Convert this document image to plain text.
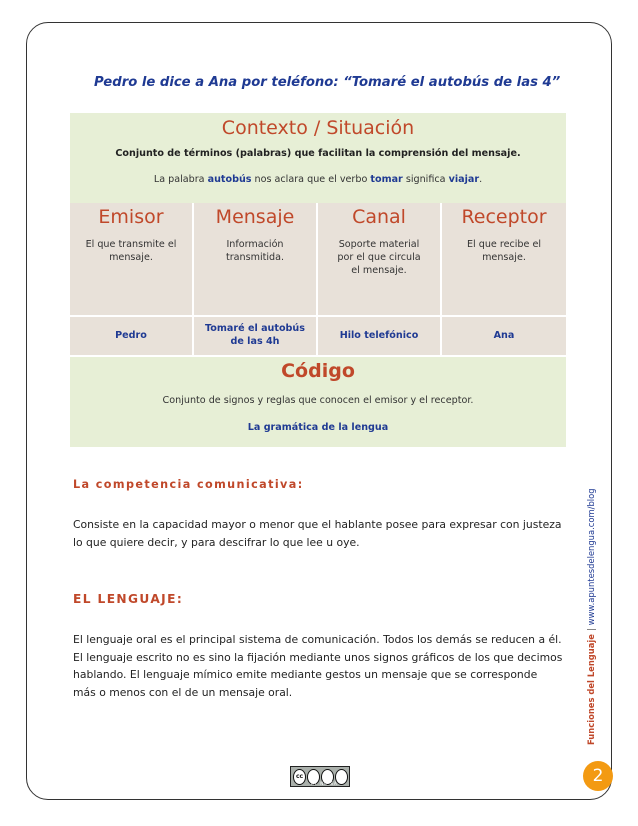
Pedro le dice a Ana por teléfono: “Tomaré el autobús de las 4”
Contexto / Situación
Conjunto de términos (palabras) que facilitan la comprensión del mensaje.
La palabra autobús nos aclara que el verbo tomar significa viajar.
Emisor
El que transmite el mensaje.
Pedro
Mensaje
Información transmitida.
Tomaré el autobús de las 4h
Canal
Soporte material por el que circula el mensaje.
Hilo telefónico
Receptor
El que recibe el mensaje.
Ana
Código
Conjunto de signos y reglas que conocen el emisor y el receptor.
La gramática de la lengua
La competencia comunicativa:
Consiste en la capacidad mayor o menor que el hablante posee para expresar con justeza lo que quiere decir, y para descifrar lo que lee u oye.
EL LENGUAJE:
El lenguaje oral es el principal sistema de comunicación. Todos los demás se reducen a él. El lenguaje escrito no es sino la fijación mediante unos signos gráficos de los que decimos hablando. El lenguaje mímico emite mediante gestos un mensaje que se corresponde más o menos con el de un mensaje oral.	Funciones del Lenguaje|www.apuntesdelengua.com/blog
cc
BY NC SA	2
